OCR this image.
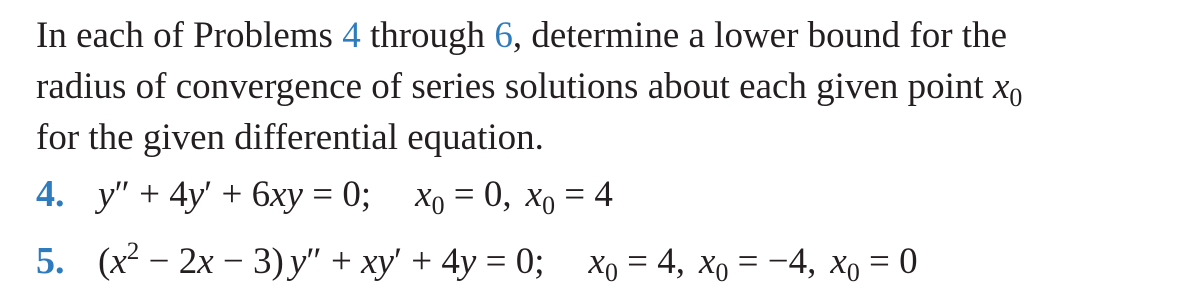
In each of Problems 4 through 6, determine a lower bound for the
radius of convergence of series solutions about each given point $x_0$
for the given differential equation.
4. y″ + 4y′ + 6xy = 0; $x_0 = 0$, $x_0 = 4$
5. $(x^2 - 2x - 3) y'' + xy' + 4y = 0$; $x_0 = 4$, $x_0 = -4$, $x_0 = 0$
